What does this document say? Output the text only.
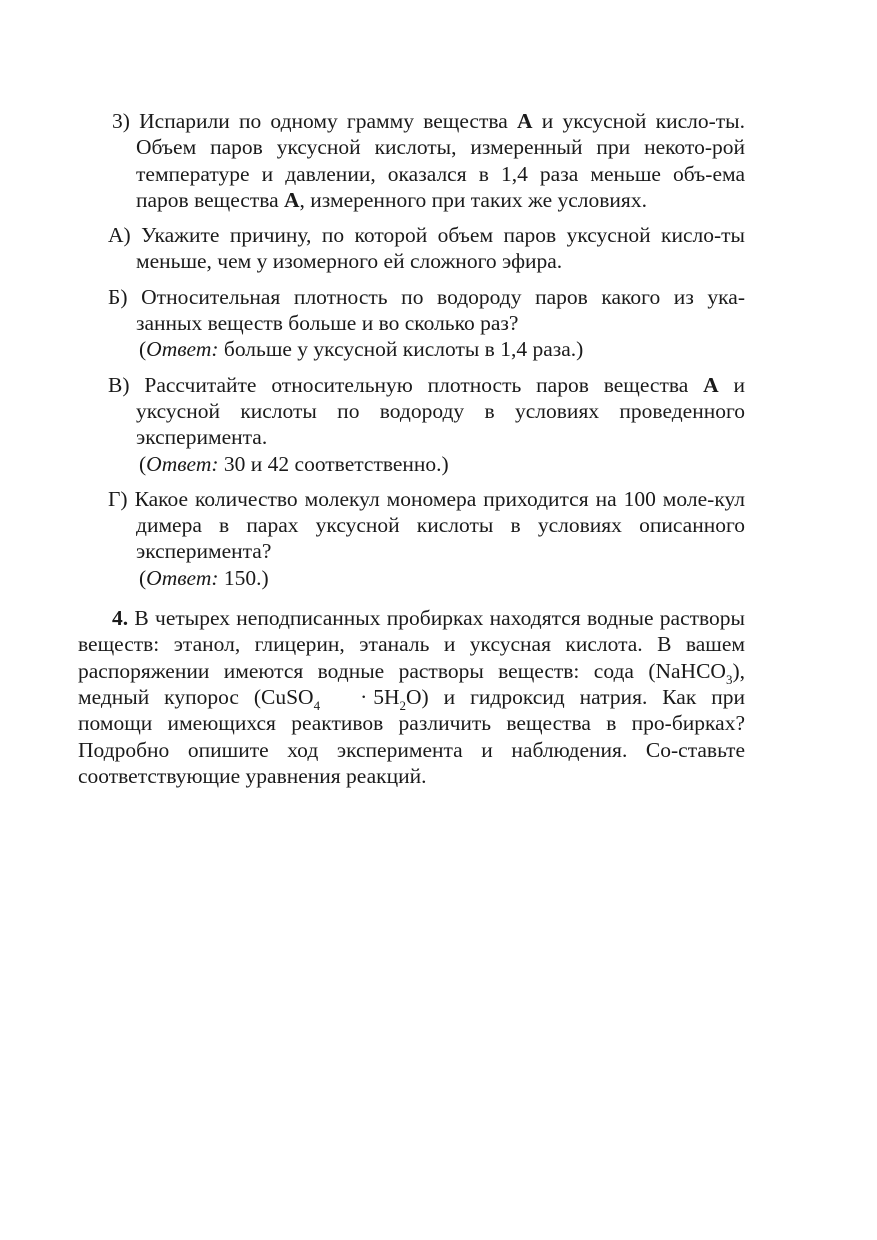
3) Испарили по одному грамму вещества А и уксусной кисло-ты. Объем паров уксусной кислоты, измеренный при некото-рой температуре и давлении, оказался в 1,4 раза меньше объ-ема паров вещества А, измеренного при таких же условиях.
А) Укажите причину, по которой объем паров уксусной кисло-ты меньше, чем у изомерного ей сложного эфира.
Б) Относительная плотность по водороду паров какого из ука-занных веществ больше и во сколько раз?
(Ответ: больше у уксусной кислоты в 1,4 раза.)
В) Рассчитайте относительную плотность паров вещества А и уксусной кислоты по водороду в условиях проведенного эксперимента.
(Ответ: 30 и 42 соответственно.)
Г) Какое количество молекул мономера приходится на 100 моле-кул димера в парах уксусной кислоты в условиях описанного эксперимента?
(Ответ: 150.)
4. В четырех неподписанных пробирках находятся водные растворы веществ: этанол, глицерин, этаналь и уксусная кислота. В вашем распоряжении имеются водные растворы веществ: сода (NaHCO$_3$), медный купорос (CuSO$_4$ · $5H_2O$) и гидроксид натрия. Как при помощи имеющихся реактивов различить вещества в про-бирках? Подробно опишите ход эксперимента и наблюдения. Со-ставьте соответствующие уравнения реакций.
